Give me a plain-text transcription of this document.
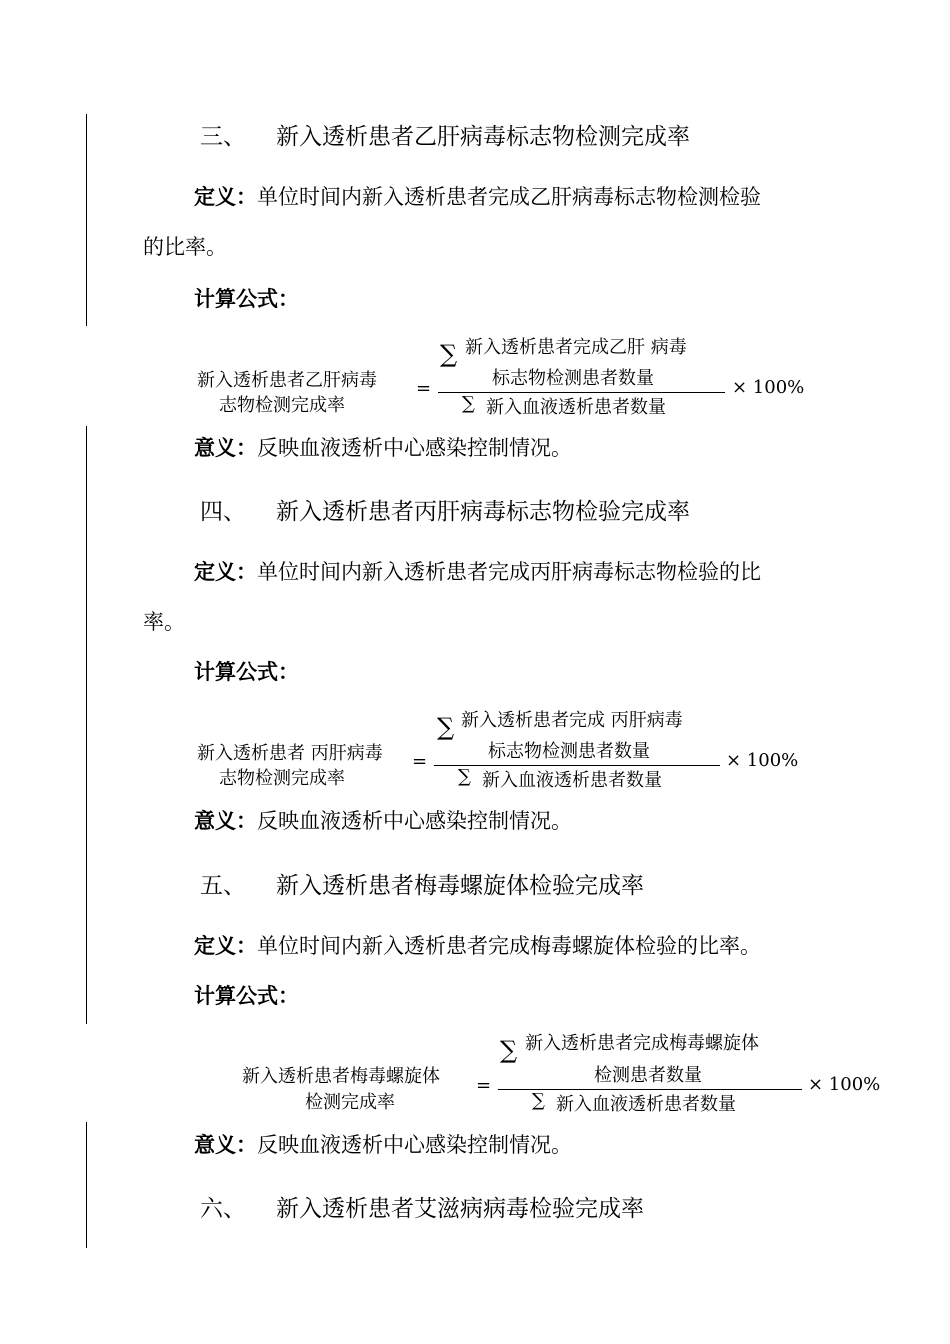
三、 新入透析患者乙肝病毒标志物检测完成率
定义：单位时间内新入透析患者完成乙肝病毒标志物检测检验
的比率。
计算公式：
新入透析患者乙肝病毒
志物检测完成率
=
∑ 新入透析患者完成乙肝 病毒
标志物检测患者数量
∑ 新入血液透析患者数量
× 100%
意义：反映血液透析中心感染控制情况。
四、 新入透析患者丙肝病毒标志物检验完成率
定义：单位时间内新入透析患者完成丙肝病毒标志物检验的比
率。
计算公式：
新入透析患者 丙肝病毒
志物检测完成率
=
∑ 新入透析患者完成 丙肝病毒
标志物检测患者数量
∑ 新入血液透析患者数量
× 100%
意义：反映血液透析中心感染控制情况。
五、 新入透析患者梅毒螺旋体检验完成率
定义：单位时间内新入透析患者完成梅毒螺旋体检验的比率。
计算公式：
新入透析患者梅毒螺旋体
检测完成率
=
∑ 新入透析患者完成梅毒螺旋体
检测患者数量
∑ 新入血液透析患者数量
× 100%
意义：反映血液透析中心感染控制情况。
六、 新入透析患者艾滋病病毒检验完成率
